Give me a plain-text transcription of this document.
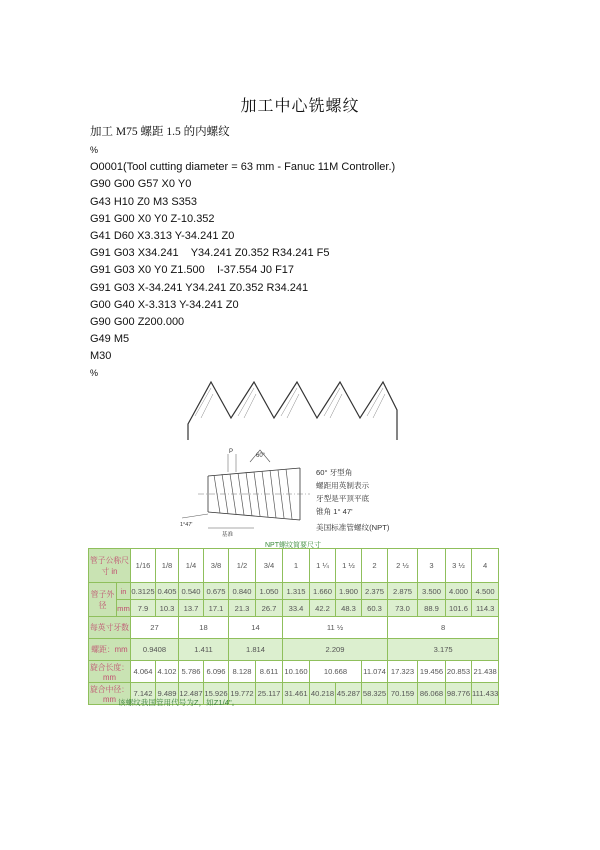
加工中心铣螺纹
加工 M75 螺距 1.5 的内螺纹
%
O0001(Tool cutting diameter = 63 mm - Fanuc 11M Controller.)
G90 G00 G57 X0 Y0
G43 H10 Z0 M3 S353
G91 G00 X0 Y0 Z-10.352
G41 D60 X3.313 Y-34.241 Z0
G91 G03 X34.241    Y34.241 Z0.352 R34.241 F5
G91 G03 X0 Y0 Z1.500    I-37.554 J0 F17
G91 G03 X-34.241 Y34.241 Z0.352 R34.241
G00 G40 X-3.313 Y-34.241 Z0
G90 G00 Z200.000
G49 M5
M30
%
P
60°
1°47'
基准
60° 牙型角
螺距用英制表示
牙型是平顶平底
锥角 1° 47'
美国标准管螺纹(NPT)
NPT螺纹简要尺寸
管子公称尺寸 in		1/16	1/8	1/4	3/8	1/2	3/4	1	1 ¼	1 ½	2	2 ½	3	3 ½	4
管子外径	in	0.3125	0.405	0.540	0.675	0.840	1.050	1.315	1.660	1.900	2.375	2.875	3.500	4.000	4.500
	mm	7.9	10.3	13.7	17.1	21.3	26.7	33.4	42.2	48.3	60.3	73.0	88.9	101.6	114.3
每英寸牙数		27		18		14		11 ½				8			
螺距：mm		0.9408		1.411		1.814		2.209				3.175			
旋合长度：mm		4.064	4.102	5.786	6.096	8.128	8.611	10.160	10.668		11.074	17.323	19.456	20.853	21.438
旋合中径：mm		7.142	9.489	12.487	15.926	19.772	25.117	31.461	40.218	45.287	58.325	70.159	86.068	98.776	111.433
该螺纹我国管用代号为Z，如Z1/4"。
